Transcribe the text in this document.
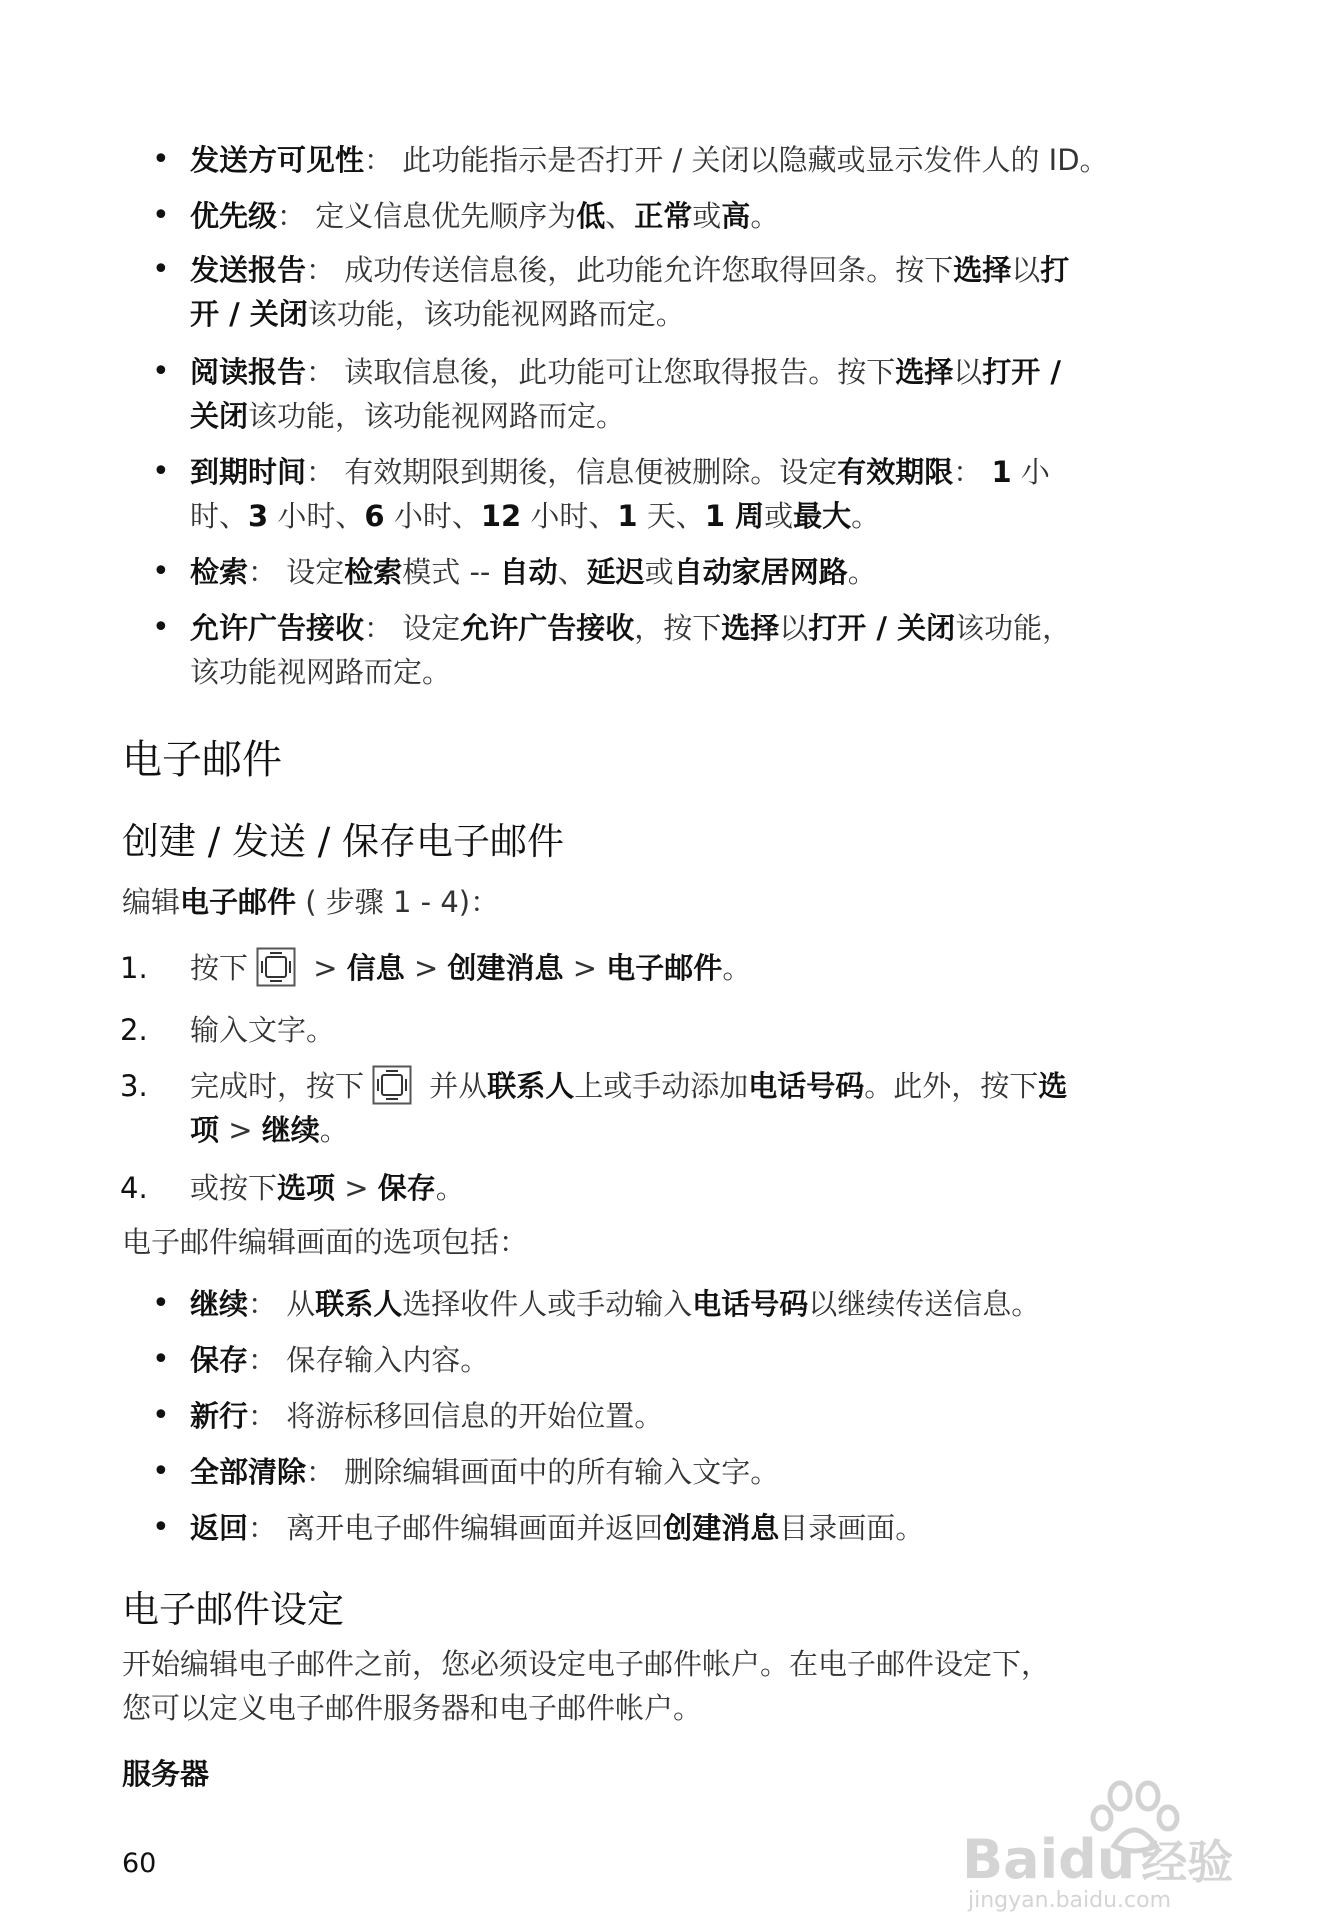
• 发送方可见性： 此功能指示是否打开 / 关闭以隐藏或显示发件人的 ID。
• 优先级： 定义信息优先顺序为低、正常或高。
• 发送报告： 成功传送信息後，此功能允许您取得回条。按下选择以打
开 / 关闭该功能，该功能视网路而定。
• 阅读报告： 读取信息後，此功能可让您取得报告。按下选择以打开 /
关闭该功能，该功能视网路而定。
• 到期时间： 有效期限到期後，信息便被删除。设定有效期限： 1 小
时、3 小时、6 小时、12 小时、1 天、1 周或最大。
• 检索： 设定检索模式 -- 自动、延迟或自动家居网路。
• 允许广告接收： 设定允许广告接收，按下选择以打开 / 关闭该功能，
该功能视网路而定。
电子邮件
创建 / 发送 / 保存电子邮件
编辑电子邮件 ( 步骤 1 - 4)：
1. 按下 > 信息 > 创建消息 > 电子邮件。
2. 输入文字。
3. 完成时，按下 并从联系人上或手动添加电话号码。此外，按下选
项 > 继续。
4. 或按下选项 > 保存。
电子邮件编辑画面的选项包括：
• 继续： 从联系人选择收件人或手动输入电话号码以继续传送信息。
• 保存： 保存输入内容。
• 新行： 将游标移回信息的开始位置。
• 全部清除： 删除编辑画面中的所有输入文字。
• 返回： 离开电子邮件编辑画面并返回创建消息目录画面。
电子邮件设定
开始编辑电子邮件之前，您必须设定电子邮件帐户。在电子邮件设定下，
您可以定义电子邮件服务器和电子邮件帐户。
服务器
60	Baidu 经验
jingyan.baidu.com
